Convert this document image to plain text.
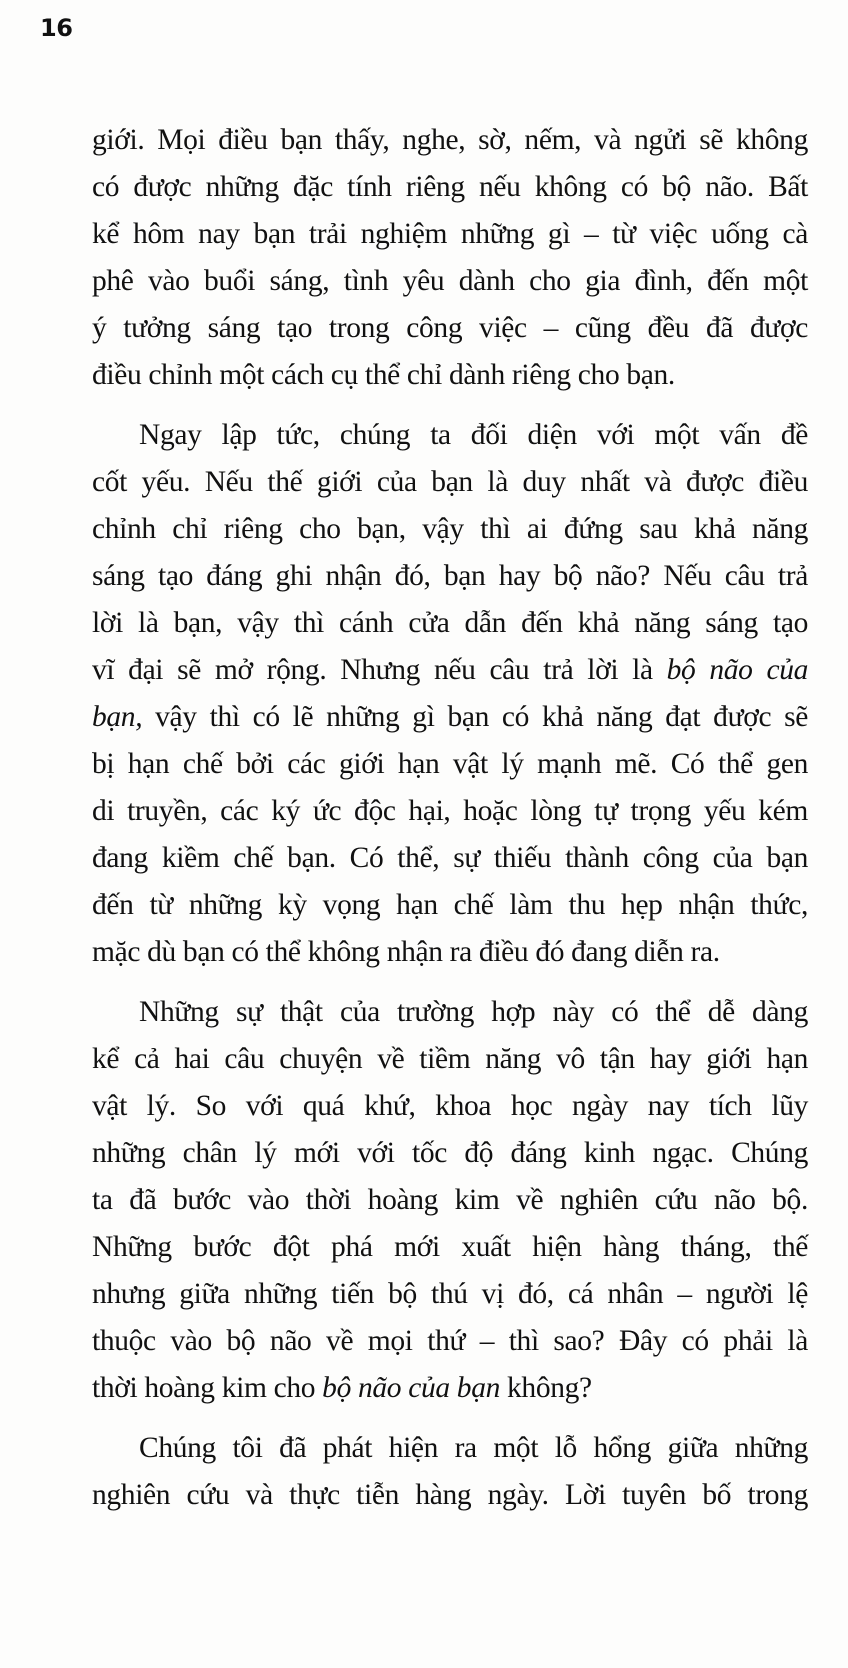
16
giới. Mọi điều bạn thấy, nghe, sờ, nếm, và ngửi sẽ không
có được những đặc tính riêng nếu không có bộ não. Bất
kể hôm nay bạn trải nghiệm những gì – từ việc uống cà
phê vào buổi sáng, tình yêu dành cho gia đình, đến một
ý tưởng sáng tạo trong công việc – cũng đều đã được
điều chỉnh một cách cụ thể chỉ dành riêng cho bạn.
Ngay lập tức, chúng ta đối diện với một vấn đề
cốt yếu. Nếu thế giới của bạn là duy nhất và được điều
chỉnh chỉ riêng cho bạn, vậy thì ai đứng sau khả năng
sáng tạo đáng ghi nhận đó, bạn hay bộ não? Nếu câu trả
lời là bạn, vậy thì cánh cửa dẫn đến khả năng sáng tạo
vĩ đại sẽ mở rộng. Nhưng nếu câu trả lời là bộ não của
bạn, vậy thì có lẽ những gì bạn có khả năng đạt được sẽ
bị hạn chế bởi các giới hạn vật lý mạnh mẽ. Có thể gen
di truyền, các ký ức độc hại, hoặc lòng tự trọng yếu kém
đang kiềm chế bạn. Có thể, sự thiếu thành công của bạn
đến từ những kỳ vọng hạn chế làm thu hẹp nhận thức,
mặc dù bạn có thể không nhận ra điều đó đang diễn ra.
Những sự thật của trường hợp này có thể dễ dàng
kể cả hai câu chuyện về tiềm năng vô tận hay giới hạn
vật lý. So với quá khứ, khoa học ngày nay tích lũy
những chân lý mới với tốc độ đáng kinh ngạc. Chúng
ta đã bước vào thời hoàng kim về nghiên cứu não bộ.
Những bước đột phá mới xuất hiện hàng tháng, thế
nhưng giữa những tiến bộ thú vị đó, cá nhân – người lệ
thuộc vào bộ não về mọi thứ – thì sao? Đây có phải là
thời hoàng kim cho bộ não của bạn không?
Chúng tôi đã phát hiện ra một lỗ hổng giữa những
nghiên cứu và thực tiễn hàng ngày. Lời tuyên bố trong
